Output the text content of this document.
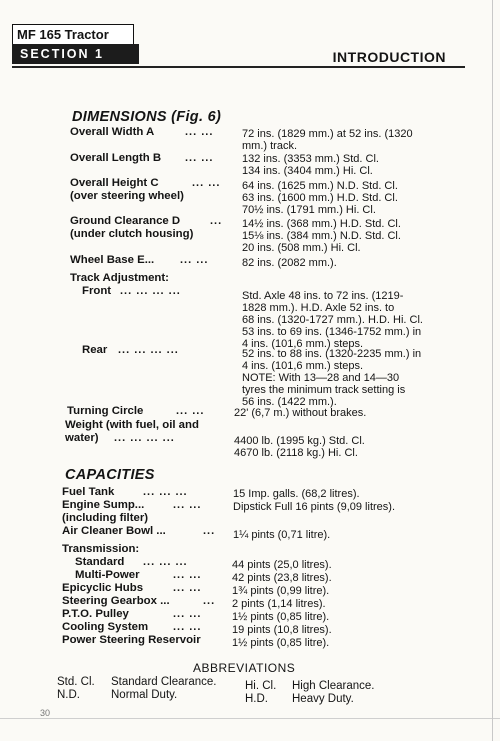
MF 165 Tractor
SECTION 1	INTRODUCTION
DIMENSIONS (Fig. 6)
Overall Width A	... ...	72 ins. (1829 mm.) at 52 ins. (1320
mm.) track.
Overall Length B ... ...	132 ins. (3353 mm.) Std. Cl.
134 ins. (3404 mm.) Hi. Cl.
Overall Height C
(over steering wheel)
... ... 64 ins. (1625 mm.) N.D. Std. Cl.
63 ins. (1600 mm.) H.D. Std. Cl.
70½ ins. (1791 mm.) Hi. Cl.
Ground Clearance D
(under clutch housing)
... 14½ ins. (368 mm.) H.D. Std. Cl.
15⅛ ins. (384 mm.) N.D. Std. Cl.
20 ins. (508 mm.) Hi. Cl.
Wheel Base E... ... ...	82 ins. (2082 mm.).
Track Adjustment:
Front ... ... ... ...	Std. Axle 48 ins. to 72 ins. (1219-
1828 mm.). H.D. Axle 52 ins. to
68 ins. (1320-1727 mm.). H.D. Hi. Cl.
53 ins. to 69 ins. (1346-1752 mm.) in
4 ins. (101,6 mm.) steps.
Rear ... ... ... ...	52 ins. to 88 ins. (1320-2235 mm.) in
4 ins. (101,6 mm.) steps.
NOTE: With 13—28 and 14—30
tyres the minimum track setting is
56 ins. (1422 mm.).
Turning Circle	... ...	22' (6,7 m.) without brakes.
Weight (with fuel, oil and
water) ... ... ... ...	4400 lb. (1995 kg.) Std. Cl.
4670 lb. (2118 kg.) Hi. Cl.
CAPACITIES
Fuel Tank	... ... ...	15 Imp. galls. (68,2 litres).
Engine Sump...
(including filter)
... ...	Dipstick Full 16 pints (9,09 litres).
Air Cleaner Bowl ...	... 1¼ pints (0,71 litre).
Transmission:
Standard ... ... ...	44 pints (25,0 litres).
Multi-Power	... ...	42 pints (23,8 litres).
Epicyclic Hubs	... ...	1¾ pints (0,99 litre).
Steering Gearbox ...	... 2 pints (1,14 litres).
P.T.O. Pulley	... ...	1½ pints (0,85 litre).
Cooling System ... ...	19 pints (10,8 litres).
Power Steering Reservoir	1½ pints (0,85 litre).
ABBREVIATIONS
Std. Cl. Standard Clearance.
N.D.	Normal Duty.
Hi. Cl. High Clearance.
H.D. Heavy Duty.
30
